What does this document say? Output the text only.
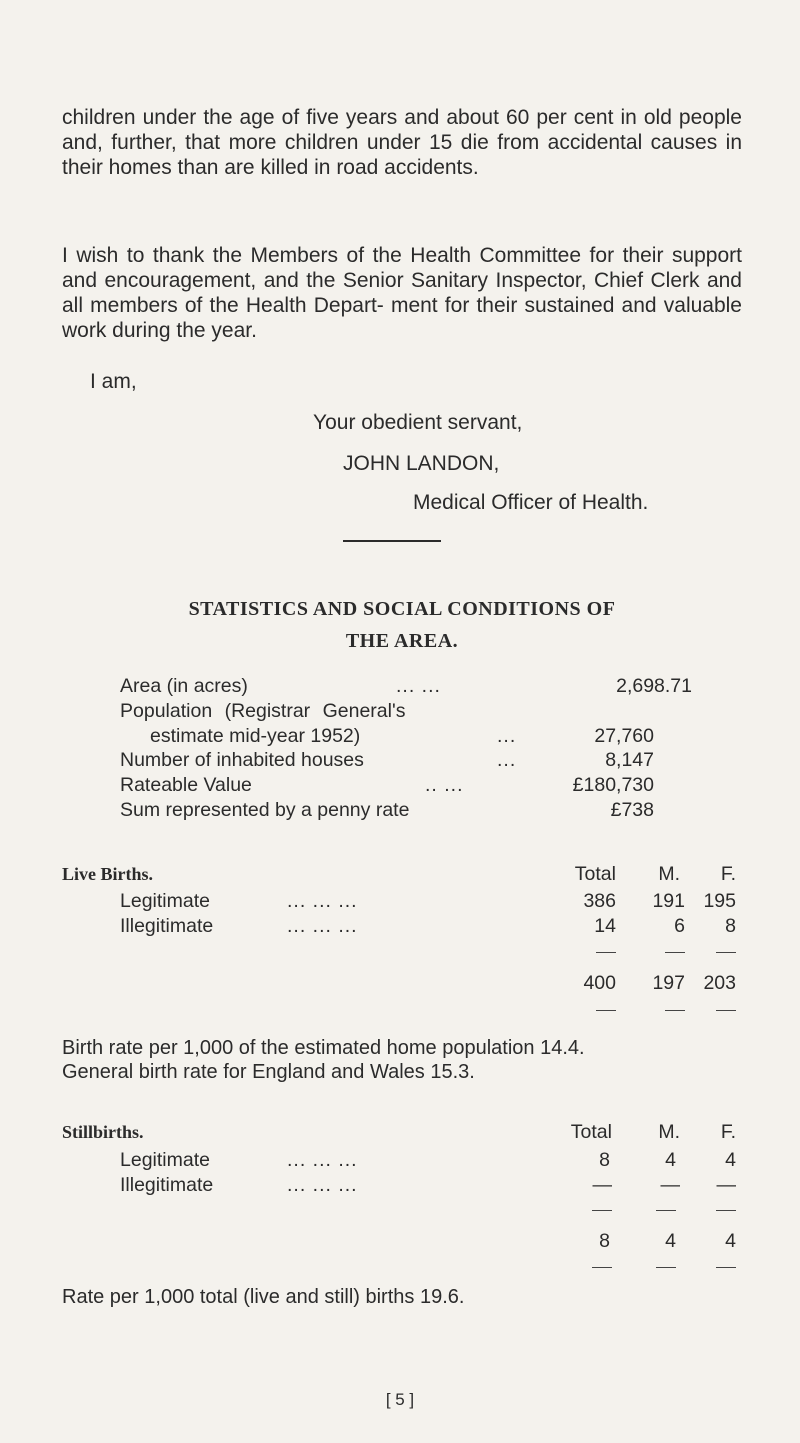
children under the age of five years and about 60 per cent in old people and, further, that more children under 15 die from accidental causes in their homes than are killed in road accidents.

I wish to thank the Members of the Health Committee for their support and encouragement, and the Senior Sanitary Inspector, Chief Clerk and all members of the Health Depart- ment for their sustained and valuable work during the year.

I am,
Your obedient servant,
JOHN LANDON,
Medical Officer of Health.
STATISTICS AND SOCIAL CONDITIONS OF
THE AREA.
Area (in acres)	... ...	2,698.71
Population (Registrar General's
estimate mid-year 1952)	...	27,760
Number of inhabited houses	...	8,147
Rateable Value	.. ...	£180,730
Sum represented by a penny rate	£738
Live Births.	Total M. F.
Legitimate	... ... ...	386 191 195
Illegitimate	... ... ...	14	6 8
400 197 203
Birth rate per 1,000 of the estimated home population 14.4.
General birth rate for England and Wales 15.3.
Stillbirths.	Total M. F.
Legitimate	... ... ...	8	4	4
Illegitimate	... ... ...	— — —
8	4	4
Rate per 1,000 total (live and still) births 19.6.
[ 5 ]
